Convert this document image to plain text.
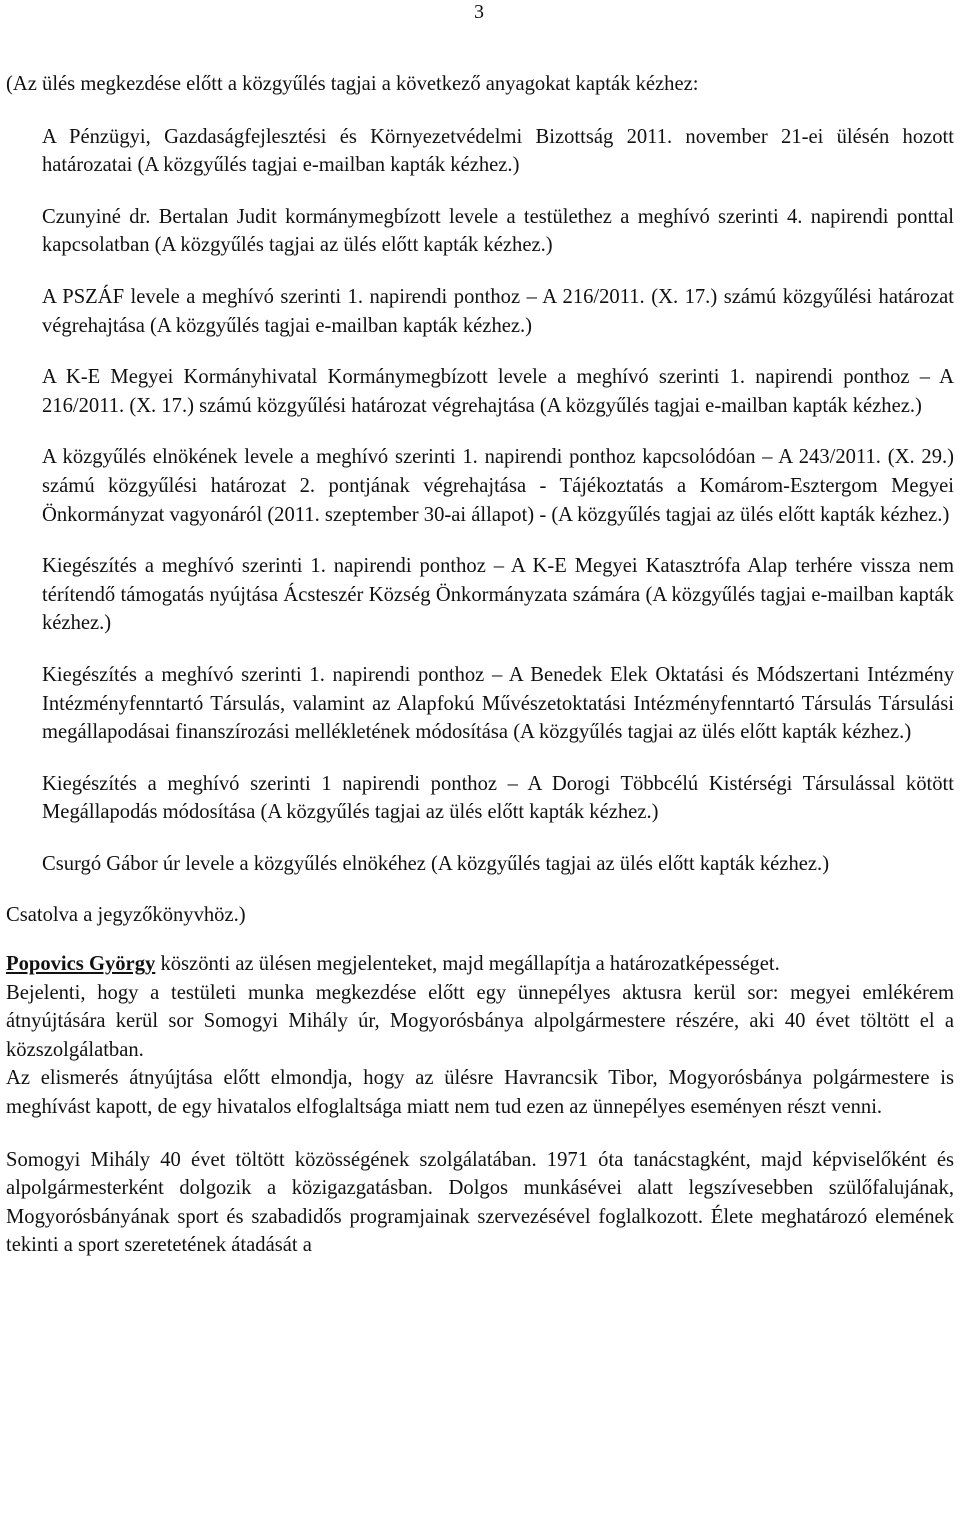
3

(Az ülés megkezdése előtt a közgyűlés tagjai a következő anyagokat kapták kézhez:

A Pénzügyi, Gazdaságfejlesztési és Környezetvédelmi Bizottság 2011. november 21-ei ülésén hozott határozatai (A közgyűlés tagjai e-mailban kapták kézhez.)

Czunyiné dr. Bertalan Judit kormánymegbízott levele a testülethez a meghívó szerinti 4. napirendi ponttal kapcsolatban (A közgyűlés tagjai az ülés előtt kapták kézhez.)

A PSZÁF levele a meghívó szerinti 1. napirendi ponthoz – A 216/2011. (X. 17.) számú közgyűlési határozat végrehajtása (A közgyűlés tagjai e-mailban kapták kézhez.)

A K-E Megyei Kormányhivatal Kormánymegbízott levele a meghívó szerinti 1. napirendi ponthoz – A 216/2011. (X. 17.) számú közgyűlési határozat végrehajtása (A közgyűlés tagjai e-mailban kapták kézhez.)

A közgyűlés elnökének levele a meghívó szerinti 1. napirendi ponthoz kapcsolódóan – A 243/2011. (X. 29.) számú közgyűlési határozat 2. pontjának végrehajtása - Tájékoztatás a Komárom-Esztergom Megyei Önkormányzat vagyonáról (2011. szeptember 30-ai állapot) - (A közgyűlés tagjai az ülés előtt kapták kézhez.)

Kiegészítés a meghívó szerinti 1. napirendi ponthoz – A K-E Megyei Katasztrófa Alap terhére vissza nem térítendő támogatás nyújtása Ácsteszér Község Önkormányzata számára (A közgyűlés tagjai e-mailban kapták kézhez.)

Kiegészítés a meghívó szerinti 1. napirendi ponthoz – A Benedek Elek Oktatási és Módszertani Intézmény Intézményfenntartó Társulás, valamint az Alapfokú Művészetoktatási Intézményfenntartó Társulás Társulási megállapodásai finanszírozási mellékletének módosítása (A közgyűlés tagjai az ülés előtt kapták kézhez.)

Kiegészítés a meghívó szerinti 1 napirendi ponthoz – A Dorogi Többcélú Kistérségi Társulással kötött Megállapodás módosítása (A közgyűlés tagjai az ülés előtt kapták kézhez.)

Csurgó Gábor úr levele a közgyűlés elnökéhez (A közgyűlés tagjai az ülés előtt kapták kézhez.)

Csatolva a jegyzőkönyvhöz.)

Popovics György köszönti az ülésen megjelenteket, majd megállapítja a határozatképességet.

Bejelenti, hogy a testületi munka megkezdése előtt egy ünnepélyes aktusra kerül sor: megyei emlékérem átnyújtására kerül sor Somogyi Mihály úr, Mogyorósbánya alpolgármestere részére, aki 40 évet töltött el a közszolgálatban.

Az elismerés átnyújtása előtt elmondja, hogy az ülésre Havrancsik Tibor, Mogyorósbánya polgármestere is meghívást kapott, de egy hivatalos elfoglaltsága miatt nem tud ezen az ünnepélyes eseményen részt venni.

Somogyi Mihály 40 évet töltött közösségének szolgálatában. 1971 óta tanácstagként, majd képviselőként és alpolgármesterként dolgozik a közigazgatásban. Dolgos munkásévei alatt legszívesebben szülőfalujának, Mogyorósbányának sport és szabadidős programjainak szervezésével foglalkozott. Élete meghatározó elemének tekinti a sport szeretetének átadását a
